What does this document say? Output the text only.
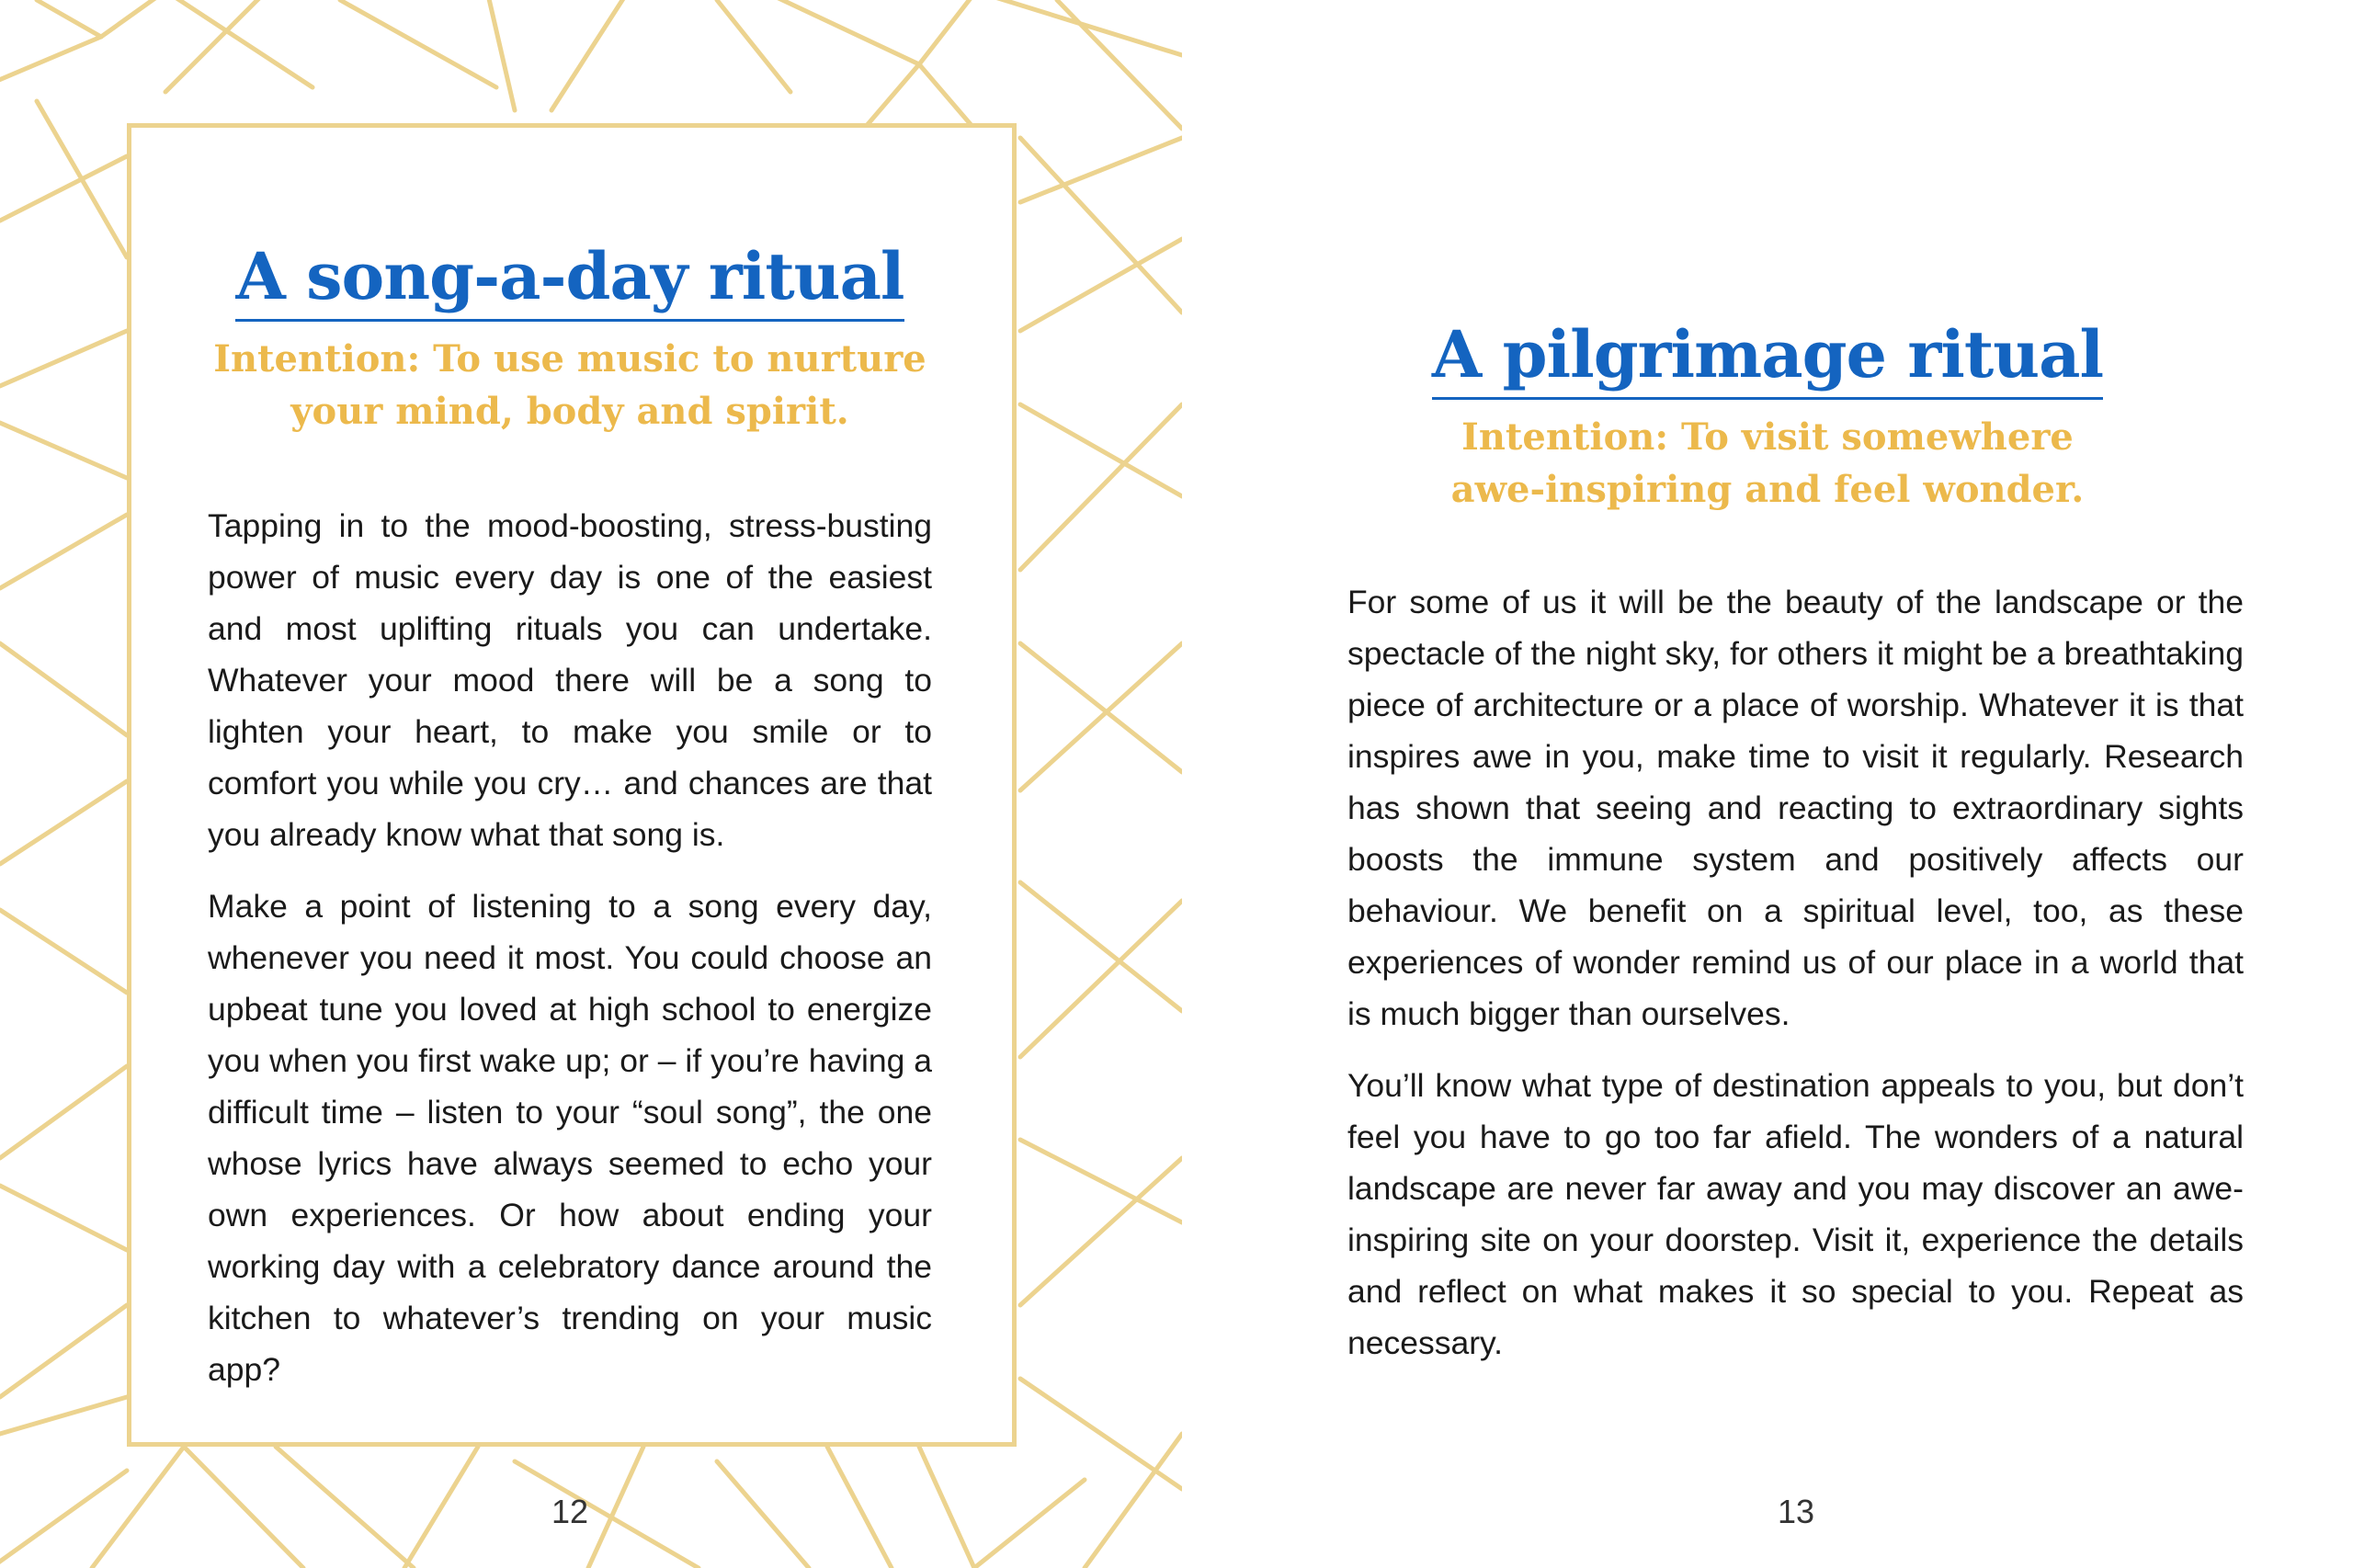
A song-a-day ritual

Intention: To use music to nurture
your mind, body and spirit.

Tapping in to the mood-boosting, stress-busting power of music every day is one of the easiest and most uplifting rituals you can undertake. Whatever your mood there will be a song to lighten your heart, to make you smile or to comfort you while you cry… and chances are that you already know what that song is.

Make a point of listening to a song every day, whenever you need it most. You could choose an upbeat tune you loved at high school to energize you when you first wake up; or – if you’re having a difficult time – listen to your “soul song”, the one whose lyrics have always seemed to echo your own experiences. Or how about ending your working day with a celebratory dance around the kitchen to whatever’s trending on your music app?

12
A pilgrimage ritual

Intention: To visit somewhere
awe-inspiring and feel wonder.

For some of us it will be the beauty of the landscape or the spectacle of the night sky, for others it might be a breathtaking piece of architecture or a place of worship. Whatever it is that inspires awe in you, make time to visit it regularly. Research has shown that seeing and reacting to extraordinary sights boosts the immune system and positively affects our behaviour. We benefit on a spiritual level, too, as these experiences of wonder remind us of our place in a world that is much bigger than ourselves.

You’ll know what type of destination appeals to you, but don’t feel you have to go too far afield. The wonders of a natural landscape are never far away and you may discover an awe-inspiring site on your doorstep. Visit it, experience the details and reflect on what makes it so special to you. Repeat as necessary.

13
